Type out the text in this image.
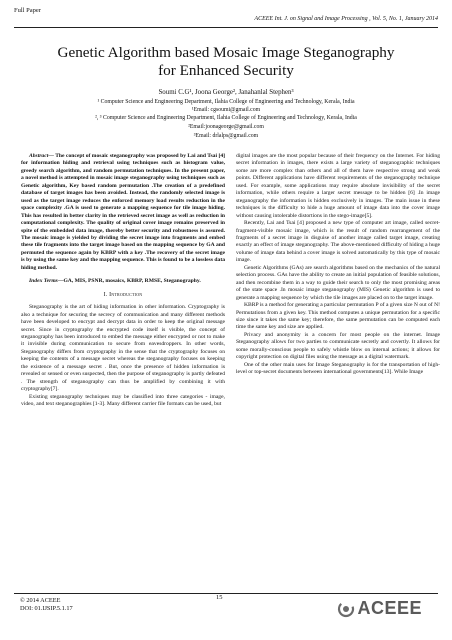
Full Paper
ACEEE Int. J. on Signal and Image Processing , Vol. 5, No. 1, January 2014
Genetic Algorithm based Mosaic Image Steganography
for Enhanced Security
Soumi C.G¹, Joona George², Janahanlal Stephen³
¹ Computer Science and Engineering Department, Ilahia College of Engineering and Technology, Kerala, India
¹Email: cgsoumi@gmail.com
², ³ Computer Science and Engineering Department, Ilahia College of Engineering and Technology, Kerala, India
²Email:joonageorge@gmail.com
³Email: drlalps@gmail.com

Abstract— The concept of mosaic steganography was proposed by Lai and Tsai [4] for information hiding and retrieval using techniques such as histogram value, greedy search algorithm, and random permutation techniques. In the present paper, a novel method is attempted in mosaic image steganography using techniques such as Genetic algorithm, Key based random permutation .The creation of a predefined database of target images has been avoided. Instead, the randomly selected image is used as the target image reduces the enforced memory load results reduction in the space complexity .GA is used to generate a mapping sequence for tile image hiding. This has resulted in better clarity in the retrieved secret image as well as reduction in computational complexity. The quality of original cover image remains preserved in spite of the embedded data image, thereby better security and robustness is assured. The mosaic image is yielded by dividing the secret image into fragments and embed these tile fragments into the target image based on the mapping sequence by GA and permuted the sequence again by KBRP with a key .The recovery of the secret image is by using the same key and the mapping sequence. This is found to be a lossless data hiding method.

Index Terms—GA, MIS, PSNR, mosaics, KBRP, RMSE, Steganography.

I. Introduction

Steganography is the art of hiding information in other information. Cryptography is also a technique for securing the secrecy of communication and many different methods have been developed to encrypt and decrypt data in order to keep the original message secret. Since in cryptography the encrypted code itself is visible, the concept of steganography has been introduced to embed the message either encrypted or not to make it invisible during communication to secure from eavesdroppers. In other words, Steganography differs from cryptography in the sense that the cryptography focuses on keeping the contents of a message secret whereas the steganography focuses on keeping the existence of a message secret . But, once the presence of hidden information is revealed or sensed or even suspected, then the purpose of steganography is partly defeated . The strength of steganography can thus be amplified by combining it with cryptography[7].

Existing steganography techniques may be classified into three categories - image, video, and text steganographies [1-3]. Many different carrier file formats can be used, but

digital images are the most popular because of their frequency on the Internet. For hiding secret information in images, there exists a large variety of steganographic techniques some are more complex than others and all of them have respective strong and weak points. Different applications have different requirements of the steganography technique used. For example, some applications may require absolute invisibility of the secret information, while others require a larger secret message to be hidden [6] .In image steganography the information is hidden exclusively in images. The main issue in these techniques is the difficulty to hide a huge amount of image data into the cover image without causing intolerable distortions in the stego-image[5].

Recently, Lai and Tsai [4] proposed a new type of computer art image, called secret-fragment-visible mosaic image, which is the result of random rearrangement of the fragments of a secret image in disguise of another image called target image, creating exactly an effect of image steganography. The above-mentioned difficulty of hiding a huge volume of image data behind a cover image is solved automatically by this type of mosaic image.

Genetic Algorithms (GAs) are search algorithms based on the mechanics of the natural selection process. GAs have the ability to create an initial population of feasible solutions, and then recombine them in a way to guide their search to only the most promising areas of the state space .In mosaic image steganography (MIS) Genetic algorithm is used to generate a mapping sequence by which the tile images are placed on to the target image.

KBRP is a method for generating a particular permutation P of a given size N out of N! Permutations from a given key. This method computes a unique permutation for a specific size since it takes the same key; therefore, the same permutation can be computed each time the same key and size are applied.

Privacy and anonymity is a concern for most people on the internet. Image Steganography allows for two parties to communicate secretly and covertly. It allows for some morally-conscious people to safely whistle blow on internal actions; it allows for copyright protection on digital files using the message as a digital watermark.

One of the other main uses for Image Steganography is for the transportation of high-level or top-secret documents between international governments[13]. While Image

© 2014 ACEEE
DOI: 01.IJSIP.5.1.17
15
ACEEE
